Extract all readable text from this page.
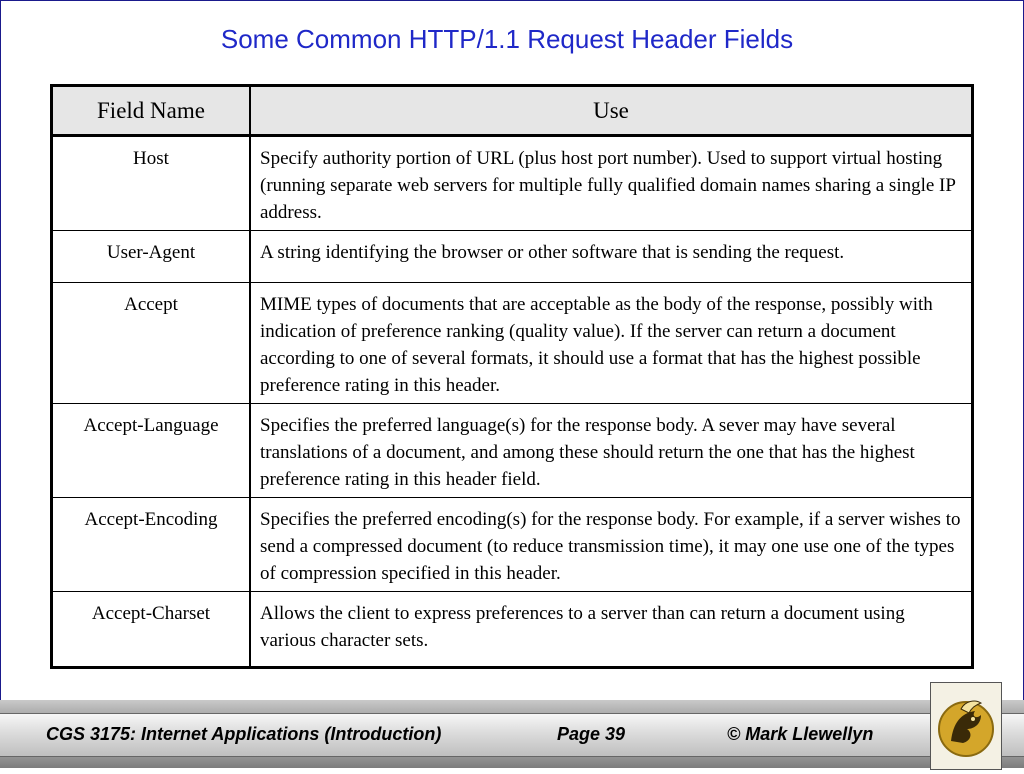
Some Common HTTP/1.1 Request Header Fields
Field Name	Use
Host	Specify authority portion of URL (plus host port number). Used to support virtual hosting (running separate web servers for multiple fully qualified domain names sharing a single IP address.
User-Agent	A string identifying the browser or other software that is sending the request.
Accept	MIME types of documents that are acceptable as the body of the response, possibly with indication of preference ranking (quality value). If the server can return a document according to one of several formats, it should use a format that has the highest possible preference rating in this header.
Accept-Language	Specifies the preferred language(s) for the response body. A sever may have several translations of a document, and among these should return the one that has the highest preference rating in this header field.
Accept-Encoding	Specifies the preferred encoding(s) for the response body. For example, if a server wishes to send a compressed document (to reduce transmission time), it may one use one of the types of compression specified in this header.
Accept-Charset	Allows the client to express preferences to a server than can return a document using various character sets.
CGS 3175: Internet Applications (Introduction)	Page 39	© Mark Llewellyn
